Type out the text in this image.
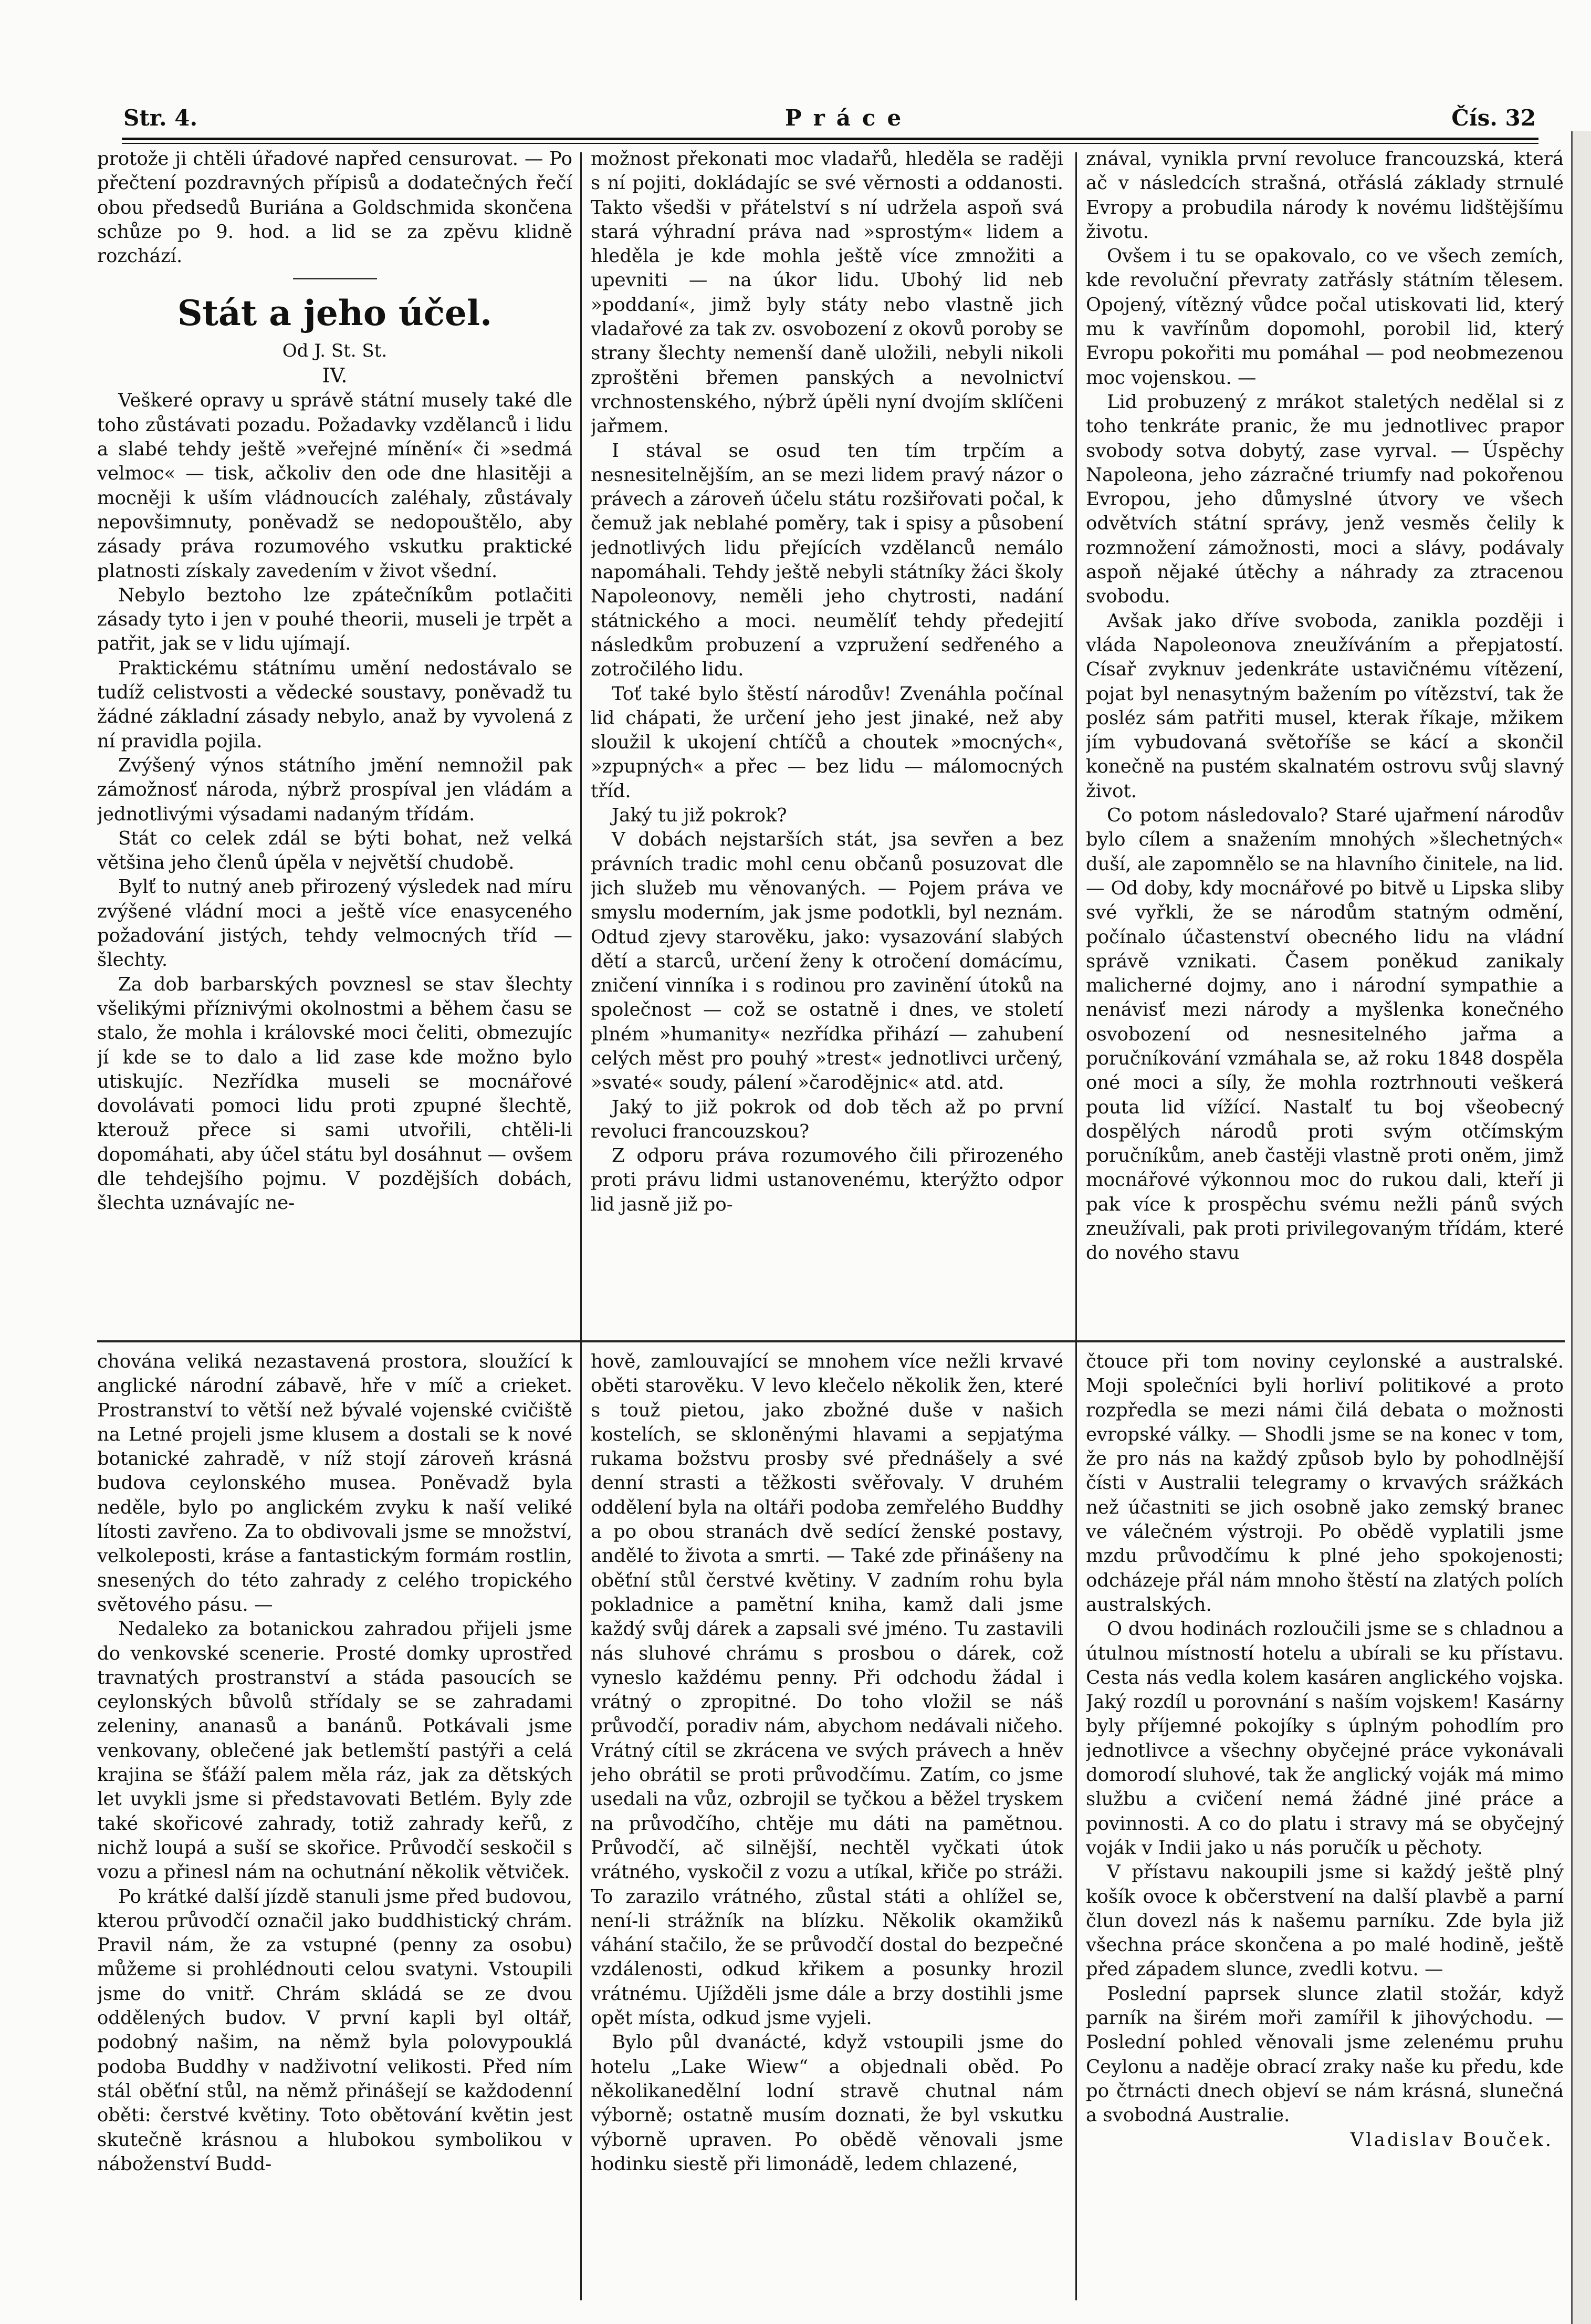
Str. 4.	Práce	Čís. 32

protože ji chtěli úřadové napřed censurovat. — Po přečtení pozdravných přípisů a dodatečných řečí obou předsedů Buriána a Goldschmida skončena schůze po 9. hod. a lid se za zpěvu klidně rozchází.

Stát a jeho účel.
Od J. St. St.
IV.

Veškeré opravy u správě státní musely také dle toho zůstávati pozadu. Požadavky vzdělanců i lidu a slabé tehdy ještě »veřejné mínění« či »sedmá velmoc« — tisk, ačkoliv den ode dne hlasitěji a mocněji k uším vládnoucích zaléhaly, zůstávaly nepovšimnuty, poněvadž se nedopouštělo, aby zásady práva rozumového vskutku praktické platnosti získaly zavedením v život všední.

Nebylo beztoho lze zpátečníkům potlačiti zásady tyto i jen v pouhé theorii, museli je trpět a patřit, jak se v lidu ujímají.

Praktickému státnímu umění nedostávalo se tudíž celistvosti a vědecké soustavy, poněvadž tu žádné základní zásady nebylo, anaž by vyvolená z ní pravidla pojila.

Zvýšený výnos státního jmění nemnožil pak zámožnosť národa, nýbrž prospíval jen vládám a jednotlivými výsadami nadaným třídám.

Stát co celek zdál se býti bohat, než velká většina jeho členů úpěla v největší chudobě.

Bylť to nutný aneb přirozený výsledek nad míru zvýšené vládní moci a ještě více enasyceného požadování jistých, tehdy velmocných tříd — šlechty.

Za dob barbarských povznesl se stav šlechty všelikými příznivými okolnostmi a během času se stalo, že mohla i královské moci čeliti, obmezujíc jí kde se to dalo a lid zase kde možno bylo utiskujíc. Nezřídka museli se mocnářové dovolávati pomoci lidu proti zpupné šlechtě, kterouž přece si sami utvořili, chtěli-li dopomáhati, aby účel státu byl dosáhnut — ovšem dle tehdejšího pojmu. V pozdějších dobách, šlechta uznávajíc ne-

možnost překonati moc vladařů, hleděla se raději s ní pojiti, dokládajíc se své věrnosti a oddanosti. Takto všedši v přátelství s ní udržela aspoň svá stará výhradní práva nad »sprostým« lidem a hleděla je kde mohla ještě více zmnožiti a upevniti — na úkor lidu. Ubohý lid neb »poddaní«, jimž byly státy nebo vlastně jich vladařové za tak zv. osvobození z okovů poroby se strany šlechty nemenší daně uložili, nebyli nikoli zproštěni břemen panských a nevolnictví vrchnostenského, nýbrž úpěli nyní dvojím sklíčeni jařmem.

I stával se osud ten tím trpčím a nesnesitelnějším, an se mezi lidem pravý názor o právech a zároveň účelu státu rozšiřovati počal, k čemuž jak neblahé poměry, tak i spisy a působení jednotlivých lidu přejících vzdělanců nemálo napomáhali. Tehdy ještě nebyli státníky žáci školy Napoleonovy, neměli jeho chytrosti, nadání státnického a moci. neumělíť tehdy předejití následkům probuzení a vzpružení sedřeného a zotročilého lidu.

Toť také bylo štěstí národův! Zvenáhla počínal lid chápati, že určení jeho jest jinaké, než aby sloužil k ukojení chtíčů a choutek »mocných«, »zpupných« a přec — bez lidu — málomocných tříd.

Jaký tu již pokrok?

V dobách nejstarších stát, jsa sevřen a bez právních tradic mohl cenu občanů posuzovat dle jich služeb mu věnovaných. — Pojem práva ve smyslu moderním, jak jsme podotkli, byl neznám. Odtud zjevy starověku, jako: vysazování slabých dětí a starců, určení ženy k otročení domácímu, zničení vinníka i s rodinou pro zavinění útoků na společnost — což se ostatně i dnes, ve století plném »humanity« nezřídka přihází — zahubení celých měst pro pouhý »trest« jednotlivci určený, »svaté« soudy, pálení »čarodějnic« atd. atd.

Jaký to již pokrok od dob těch až po první revoluci francouzskou?

Z odporu práva rozumového čili přirozeného proti právu lidmi ustanovenému, kterýžto odpor lid jasně již po-

znával, vynikla první revoluce francouzská, která ač v následcích strašná, otřáslá základy strnulé Evropy a probudila národy k novému lidštějšímu životu.

Ovšem i tu se opakovalo, co ve všech zemích, kde revoluční převraty zatřásly státním tělesem. Opojený, vítězný vůdce počal utiskovati lid, který mu k vavřínům dopomohl, porobil lid, který Evropu pokořiti mu pomáhal — pod neobmezenou moc vojenskou. —

Lid probuzený z mrákot staletých nedělal si z toho tenkráte pranic, že mu jednotlivec prapor svobody sotva dobytý, zase vyrval. — Úspěchy Napoleona, jeho zázračné triumfy nad pokořenou Evropou, jeho důmyslné útvory ve všech odvětvích státní správy, jenž vesměs čelily k rozmnožení zámožnosti, moci a slávy, podávaly aspoň nějaké útěchy a náhrady za ztracenou svobodu.

Avšak jako dříve svoboda, zanikla později i vláda Napoleonova zneužíváním a přepjatostí. Císař zvyknuv jedenkráte ustavičnému vítězení, pojat byl nenasytným bažením po vítězství, tak že posléz sám patřiti musel, kterak říkaje, mžikem jím vybudovaná světoříše se kácí a skončil konečně na pustém skalnatém ostrovu svůj slavný život.

Co potom následovalo? Staré ujařmení národův bylo cílem a snažením mnohých »šlechetných« duší, ale zapomnělo se na hlavního činitele, na lid. — Od doby, kdy mocnářové po bitvě u Lipska sliby své vyřkli, že se národům statným odmění, počínalo účastenství obecného lidu na vládní správě vznikati. Časem poněkud zanikaly malicherné dojmy, ano i národní sympathie a nenávisť mezi národy a myšlenka konečného osvobození od nesnesitelného jařma a poručníkování vzmáhala se, až roku 1848 dospěla oné moci a síly, že mohla roztrhnouti veškerá pouta lid vížící. Nastalť tu boj všeobecný dospělých národů proti svým otčímským poručníkům, aneb častěji vlastně proti oněm, jimž mocnářové výkonnou moc do rukou dali, kteří ji pak více k prospěchu svému nežli pánů svých zneužívali, pak proti privilegovaným třídám, které do nového stavu

chována veliká nezastavená prostora, sloužící k anglické národní zábavě, hře v míč a crieket. Prostranství to větší než bývalé vojenské cvičiště na Letné projeli jsme klusem a dostali se k nové botanické zahradě, v níž stojí zároveň krásná budova ceylonského musea. Poněvadž byla neděle, bylo po anglickém zvyku k naší veliké lítosti zavřeno. Za to obdivovali jsme se množství, velkoleposti, kráse a fantastickým formám rostlin, snesených do této zahrady z celého tropického světového pásu. —

Nedaleko za botanickou zahradou přijeli jsme do venkovské scenerie. Prosté domky uprostřed travnatých prostranství a stáda pasoucích se ceylonských bůvolů střídaly se se zahradami zeleniny, ananasů a banánů. Potkávali jsme venkovany, oblečené jak betlemští pastýři a celá krajina se šťáží palem měla ráz, jak za dětských let uvykli jsme si představovati Betlém. Byly zde také skořicové zahrady, totiž zahrady keřů, z nichž loupá a suší se skořice. Průvodčí seskočil s vozu a přinesl nám na ochutnání několik větviček.

Po krátké další jízdě stanuli jsme před budovou, kterou průvodčí označil jako buddhistický chrám. Pravil nám, že za vstupné (penny za osobu) můžeme si prohlédnouti celou svatyni. Vstoupili jsme do vnitř. Chrám skládá se ze dvou oddělených budov. V první kapli byl oltář, podobný našim, na němž byla polovypouklá podoba Buddhy v nadživotní velikosti. Před ním stál oběťní stůl, na němž přinášejí se každodenní oběti: čerstvé květiny. Toto obětování květin jest skutečně krásnou a hlubokou symbolikou v náboženství Budd-

hově, zamlouvající se mnohem více nežli krvavé oběti starověku. V levo klečelo několik žen, které s touž pietou, jako zbožné duše v našich kostelích, se skloněnými hlavami a sepjatýma rukama božstvu prosby své přednášely a své denní strasti a těžkosti svěřovaly. V druhém oddělení byla na oltáři podoba zemřelého Buddhy a po obou stranách dvě sedící ženské postavy, andělé to života a smrti. — Také zde přinášeny na oběťní stůl čerstvé květiny. V zadním rohu byla pokladnice a pamětní kniha, kamž dali jsme každý svůj dárek a zapsali své jméno. Tu zastavili nás sluhové chrámu s prosbou o dárek, což vyneslo každému penny. Při odchodu žádal i vrátný o zpropitné. Do toho vložil se náš průvodčí, poradiv nám, abychom nedávali ničeho. Vrátný cítil se zkrácena ve svých právech a hněv jeho obrátil se proti průvodčímu. Zatím, co jsme usedali na vůz, ozbrojil se tyčkou a běžel tryskem na průvodčího, chtěje mu dáti na pamětnou. Průvodčí, ač silnější, nechtěl vyčkati útok vrátného, vyskočil z vozu a utíkal, křiče po stráži. To zarazilo vrátného, zůstal státi a ohlížel se, není-li strážník na blízku. Několik okamžiků váhání stačilo, že se průvodčí dostal do bezpečné vzdálenosti, odkud křikem a posunky hrozil vrátnému. Ujížděli jsme dále a brzy dostihli jsme opět místa, odkud jsme vyjeli.

Bylo půl dvanácté, když vstoupili jsme do hotelu „Lake Wiew“ a objednali oběd. Po několikanedělní lodní stravě chutnal nám výborně; ostatně musím doznati, že byl vskutku výborně upraven. Po obědě věnovali jsme hodinku siestě při limonádě, ledem chlazené,

čtouce při tom noviny ceylonské a australské. Moji společníci byli horliví politikové a proto rozpředla se mezi námi čilá debata o možnosti evropské války. — Shodli jsme se na konec v tom, že pro nás na každý způsob bylo by pohodlnější čísti v Australii telegramy o krvavých srážkách než účastniti se jich osobně jako zemský branec ve válečném výstroji. Po obědě vyplatili jsme mzdu průvodčímu k plné jeho spokojenosti; odcházeje přál nám mnoho štěstí na zlatých polích australských.

O dvou hodinách rozloučili jsme se s chladnou a útulnou místností hotelu a ubírali se ku přístavu. Cesta nás vedla kolem kasáren anglického vojska. Jaký rozdíl u porovnání s naším vojskem! Kasárny byly příjemné pokojíky s úplným pohodlím pro jednotlivce a všechny obyčejné práce vykonávali domorodí sluhové, tak že anglický voják má mimo službu a cvičení nemá žádné jiné práce a povinnosti. A co do platu i stravy má se obyčejný voják v Indii jako u nás poručík u pěchoty.

V přístavu nakoupili jsme si každý ještě plný košík ovoce k občerstvení na další plavbě a parní člun dovezl nás k našemu parníku. Zde byla již všechna práce skončena a po malé hodině, ještě před západem slunce, zvedli kotvu. —

Poslední paprsek slunce zlatil stožár, když parník na širém moři zamířil k jihovýchodu. — Poslední pohled věnovali jsme zelenému pruhu Ceylonu a naděje obrací zraky naše ku předu, kde po čtrnácti dnech objeví se nám krásná, slunečná a svobodná Australie.

Vladislav Bouček.
